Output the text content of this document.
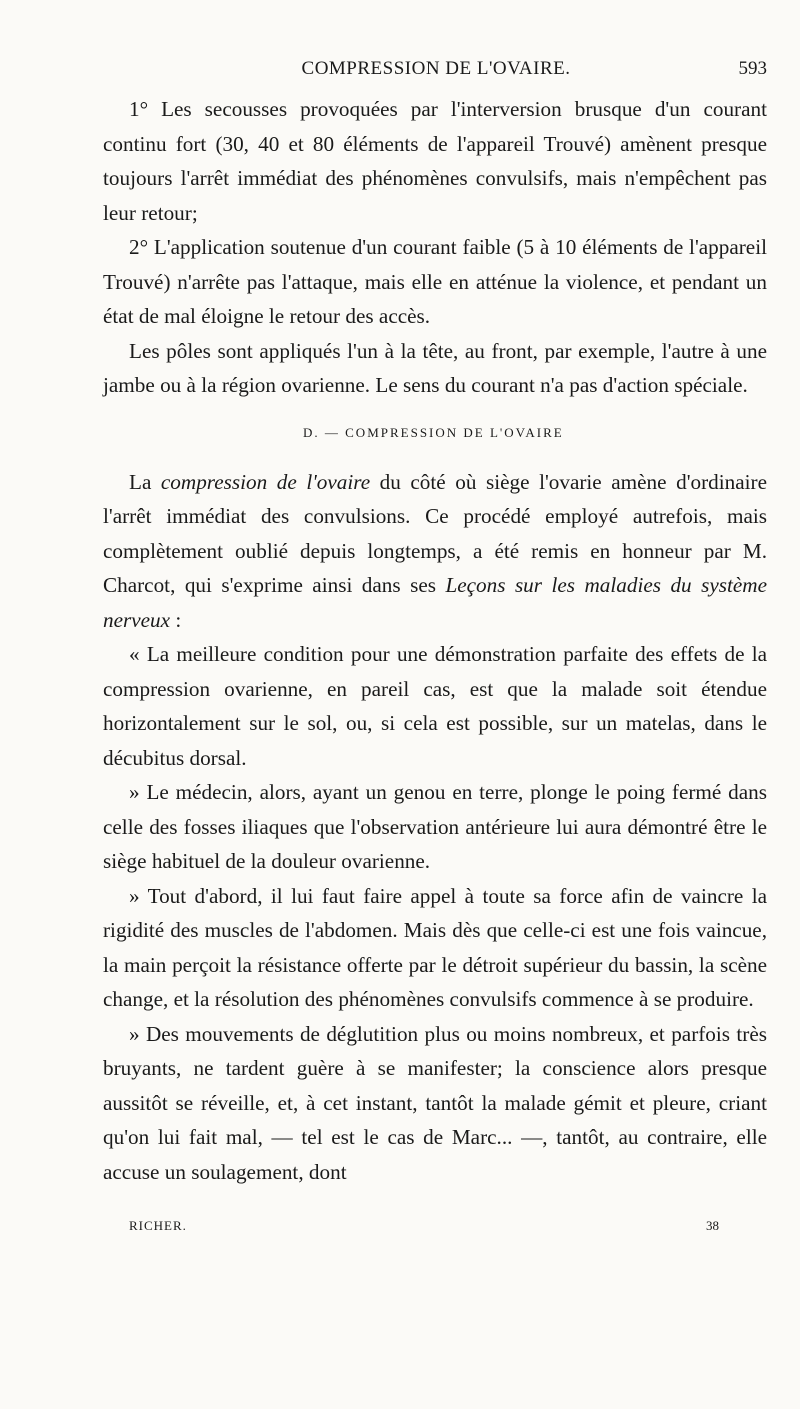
COMPRESSION DE L'OVAIRE.	593

1° Les secousses provoquées par l'interversion brusque d'un courant continu fort (30, 40 et 80 éléments de l'appareil Trouvé) amènent presque toujours l'arrêt immédiat des phénomènes convulsifs, mais n'empêchent pas leur retour;

2° L'application soutenue d'un courant faible (5 à 10 éléments de l'appareil Trouvé) n'arrête pas l'attaque, mais elle en atténue la violence, et pendant un état de mal éloigne le retour des accès.

Les pôles sont appliqués l'un à la tête, au front, par exemple, l'autre à une jambe ou à la région ovarienne. Le sens du courant n'a pas d'action spéciale.

D. — COMPRESSION DE L'OVAIRE

La compression de l'ovaire du côté où siège l'ovarie amène d'ordinaire l'arrêt immédiat des convulsions. Ce procédé employé autrefois, mais complètement oublié depuis longtemps, a été remis en honneur par M. Charcot, qui s'exprime ainsi dans ses Leçons sur les maladies du système nerveux :

« La meilleure condition pour une démonstration parfaite des effets de la compression ovarienne, en pareil cas, est que la malade soit étendue horizontalement sur le sol, ou, si cela est possible, sur un matelas, dans le décubitus dorsal.

» Le médecin, alors, ayant un genou en terre, plonge le poing fermé dans celle des fosses iliaques que l'observation antérieure lui aura démontré être le siège habituel de la douleur ovarienne.

» Tout d'abord, il lui faut faire appel à toute sa force afin de vaincre la rigidité des muscles de l'abdomen. Mais dès que celle-ci est une fois vaincue, la main perçoit la résistance offerte par le détroit supérieur du bassin, la scène change, et la résolution des phénomènes convulsifs commence à se produire.

» Des mouvements de déglutition plus ou moins nombreux, et parfois très bruyants, ne tardent guère à se manifester; la conscience alors presque aussitôt se réveille, et, à cet instant, tantôt la malade gémit et pleure, criant qu'on lui fait mal, — tel est le cas de Marc... —, tantôt, au contraire, elle accuse un soulagement, dont

RICHER.	38
